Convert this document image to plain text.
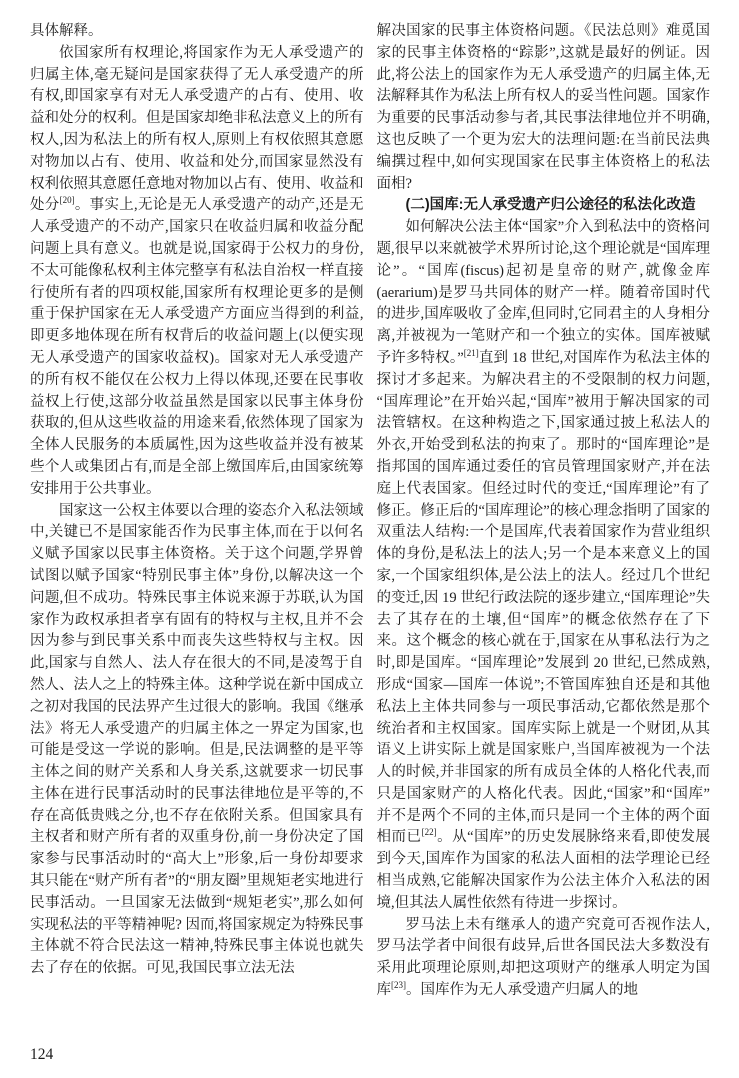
具体解释。

依国家所有权理论,将国家作为无人承受遗产的归属主体,毫无疑问是国家获得了无人承受遗产的所有权,即国家享有对无人承受遗产的占有、使用、收益和处分的权利。但是国家却绝非私法意义上的所有权人,因为私法上的所有权人,原则上有权依照其意愿对物加以占有、使用、收益和处分,而国家显然没有权利依照其意愿任意地对物加以占有、使用、收益和处分[20]。事实上,无论是无人承受遗产的动产,还是无人承受遗产的不动产,国家只在收益归属和收益分配问题上具有意义。也就是说,国家碍于公权力的身份,不太可能像私权利主体完整享有私法自治权一样直接行使所有者的四项权能,国家所有权理论更多的是侧重于保护国家在无人承受遗产方面应当得到的利益,即更多地体现在所有权背后的收益问题上(以便实现无人承受遗产的国家收益权)。国家对无人承受遗产的所有权不能仅在公权力上得以体现,还要在民事收益权上行使,这部分收益虽然是国家以民事主体身份获取的,但从这些收益的用途来看,依然体现了国家为全体人民服务的本质属性,因为这些收益并没有被某些个人或集团占有,而是全部上缴国库后,由国家统筹安排用于公共事业。

国家这一公权主体要以合理的姿态介入私法领域中,关键已不是国家能否作为民事主体,而在于以何名义赋予国家以民事主体资格。关于这个问题,学界曾试图以赋予国家“特别民事主体”身份,以解决这一个问题,但不成功。特殊民事主体说来源于苏联,认为国家作为政权承担者享有固有的特权与主权,且并不会因为参与到民事关系中而丧失这些特权与主权。因此,国家与自然人、法人存在很大的不同,是凌驾于自然人、法人之上的特殊主体。这种学说在新中国成立之初对我国的民法界产生过很大的影响。我国《继承法》将无人承受遗产的归属主体之一界定为国家,也可能是受这一学说的影响。但是,民法调整的是平等主体之间的财产关系和人身关系,这就要求一切民事主体在进行民事活动时的民事法律地位是平等的,不存在高低贵贱之分,也不存在依附关系。但国家具有主权者和财产所有者的双重身份,前一身份决定了国家参与民事活动时的“高大上”形象,后一身份却要求其只能在“财产所有者”的“朋友圈”里规矩老实地进行民事活动。一旦国家无法做到“规矩老实”,那么如何实现私法的平等精神呢? 因而,将国家规定为特殊民事主体就不符合民法这一精神,特殊民事主体说也就失去了存在的依据。可见,我国民事立法无法

解决国家的民事主体资格问题。《民法总则》难觅国家的民事主体资格的“踪影”,这就是最好的例证。因此,将公法上的国家作为无人承受遗产的归属主体,无法解释其作为私法上所有权人的妥当性问题。国家作为重要的民事活动参与者,其民事法律地位并不明确,这也反映了一个更为宏大的法理问题:在当前民法典编撰过程中,如何实现国家在民事主体资格上的私法面相?

(二)国库:无人承受遗产归公途径的私法化改造

如何解决公法主体“国家”介入到私法中的资格问题,很早以来就被学术界所讨论,这个理论就是“国库理论”。“国库(fiscus)起初是皇帝的财产,就像金库(aerarium)是罗马共同体的财产一样。随着帝国时代的进步,国库吸收了金库,但同时,它同君主的人身相分离,并被视为一笔财产和一个独立的实体。国库被赋予许多特权。”[21]直到 18 世纪,对国库作为私法主体的探讨才多起来。为解决君主的不受限制的权力问题,“国库理论”在开始兴起,“国库”被用于解决国家的司法管辖权。在这种构造之下,国家通过披上私法人的外衣,开始受到私法的拘束了。那时的“国库理论”是指邦国的国库通过委任的官员管理国家财产,并在法庭上代表国家。但经过时代的变迁,“国库理论”有了修正。修正后的“国库理论”的核心理念指明了国家的双重法人结构:一个是国库,代表着国家作为营业组织体的身份,是私法上的法人;另一个是本来意义上的国家,一个国家组织体,是公法上的法人。经过几个世纪的变迁,因 19 世纪行政法院的逐步建立,“国库理论”失去了其存在的土壤,但“国库”的概念依然存在了下来。这个概念的核心就在于,国家在从事私法行为之时,即是国库。“国库理论”发展到 20 世纪,已然成熟,形成“国家—国库一体说”;不管国库独自还是和其他私法上主体共同参与一项民事活动,它都依然是那个统治者和主权国家。国库实际上就是一个财团,从其语义上讲实际上就是国家账户,当国库被视为一个法人的时候,并非国家的所有成员全体的人格化代表,而只是国家财产的人格化代表。因此,“国家”和“国库”并不是两个不同的主体,而只是同一个主体的两个面相而已[22]。从“国库”的历史发展脉络来看,即使发展到今天,国库作为国家的私法人面相的法学理论已经相当成熟,它能解决国家作为公法主体介入私法的困境,但其法人属性依然有待进一步探讨。

罗马法上未有继承人的遗产究竟可否视作法人,罗马法学者中间很有歧异,后世各国民法大多数没有采用此项理论原则,却把这项财产的继承人明定为国库[23]。国库作为无人承受遗产归属人的地

124
